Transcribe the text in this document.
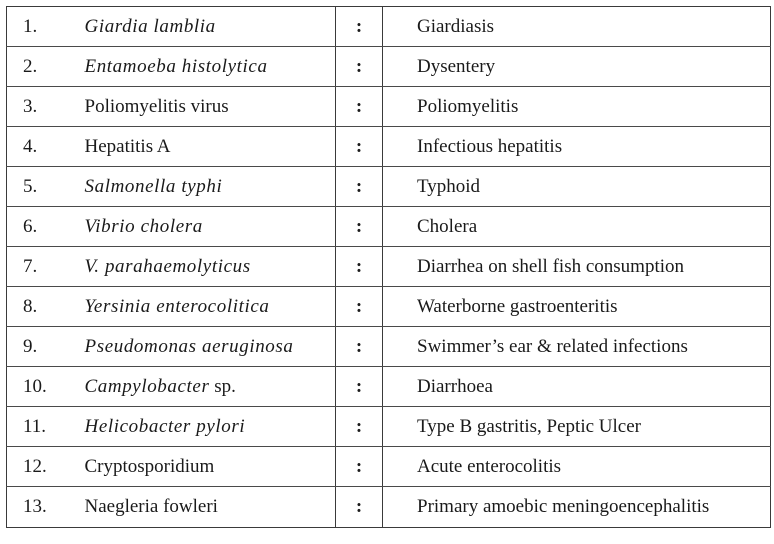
1.	Giardia lamblia	:	Giardiasis
2.	Entamoeba histolytica	:	Dysentery
3.	Poliomyelitis virus	:	Poliomyelitis
4.	Hepatitis A	:	Infectious hepatitis
5.	Salmonella typhi	:	Typhoid
6.	Vibrio cholera	:	Cholera
7.	V. parahaemolyticus	:	Diarrhea on shell fish consumption
8.	Yersinia enterocolitica	:	Waterborne gastroenteritis
9.	Pseudomonas aeruginosa	:	Swimmer’s ear & related infections
10.	Campylobacter sp.	:	Diarrhoea
11.	Helicobacter pylori	:	Type B gastritis, Peptic Ulcer
12.	Cryptosporidium	:	Acute enterocolitis
13.	Naegleria fowleri	:	Primary amoebic meningoencephalitis
